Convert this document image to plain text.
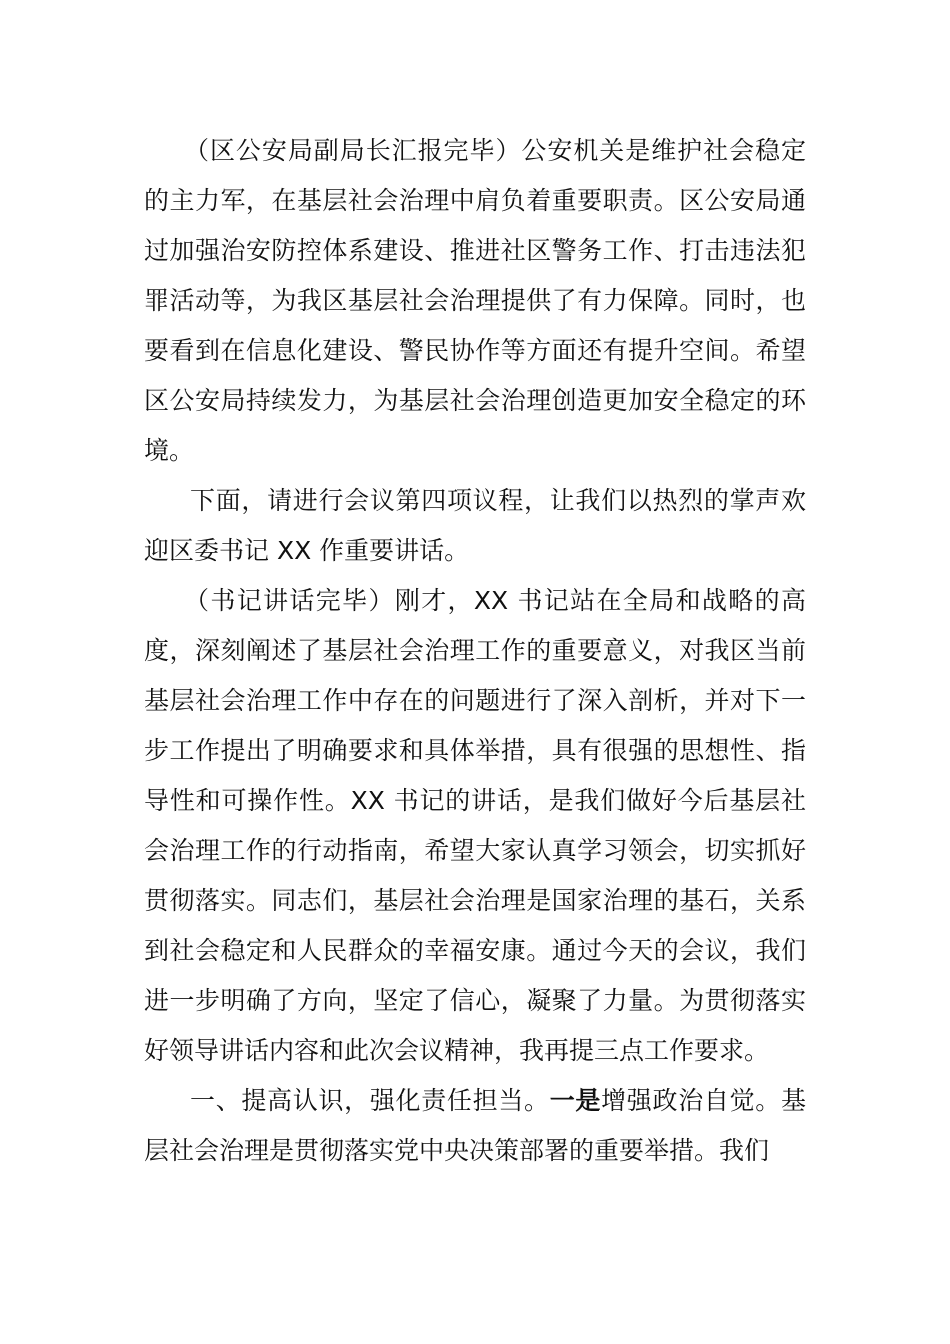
（区公安局副局长汇报完毕）公安机关是维护社会稳定的主力军，在基层社会治理中肩负着重要职责。区公安局通过加强治安防控体系建设、推进社区警务工作、打击违法犯罪活动等，为我区基层社会治理提供了有力保障。同时，也要看到在信息化建设、警民协作等方面还有提升空间。希望区公安局持续发力，为基层社会治理创造更加安全稳定的环境。

下面，请进行会议第四项议程，让我们以热烈的掌声欢迎区委书记 XX 作重要讲话。

（书记讲话完毕）刚才，XX 书记站在全局和战略的高度，深刻阐述了基层社会治理工作的重要意义，对我区当前基层社会治理工作中存在的问题进行了深入剖析，并对下一步工作提出了明确要求和具体举措，具有很强的思想性、指导性和可操作性。XX 书记的讲话，是我们做好今后基层社会治理工作的行动指南，希望大家认真学习领会，切实抓好贯彻落实。同志们，基层社会治理是国家治理的基石，关系到社会稳定和人民群众的幸福安康。通过今天的会议，我们进一步明确了方向，坚定了信心，凝聚了力量。为贯彻落实好领导讲话内容和此次会议精神，我再提三点工作要求。

一、提高认识，强化责任担当。一是增强政治自觉。基层社会治理是贯彻落实党中央决策部署的重要举措。我们
